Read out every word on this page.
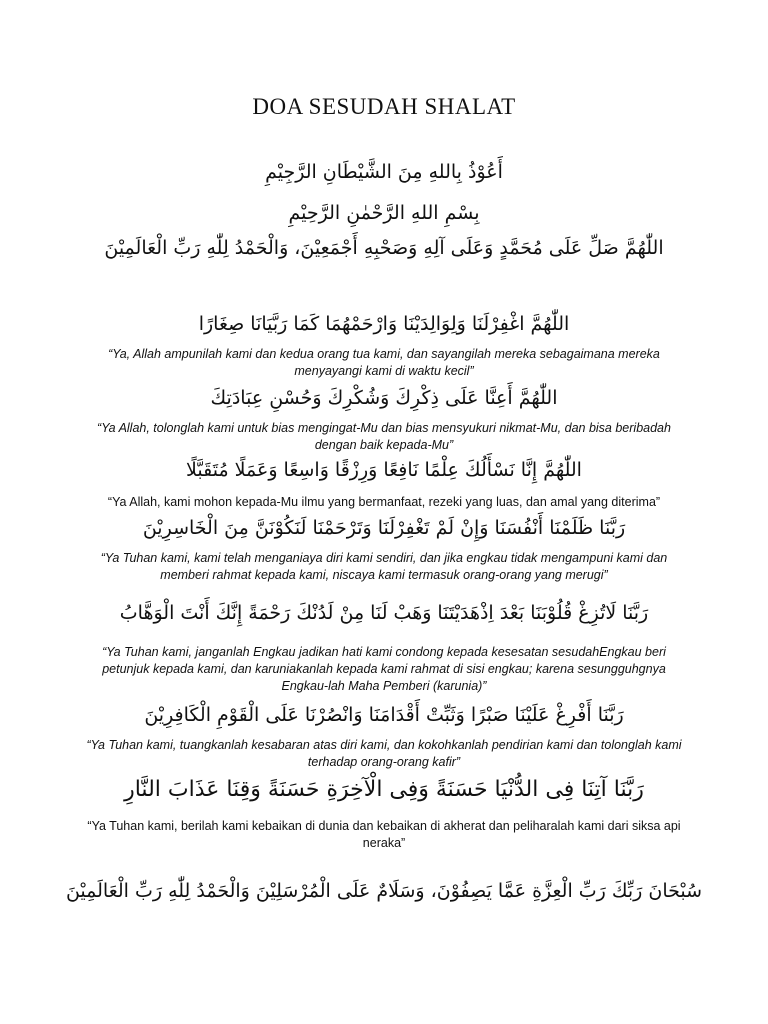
DOA SESUDAH SHALAT
أَعُوْذُ بِاللهِ مِنَ الشَّيْطَانِ الرَّجِيْمِ
بِسْمِ اللهِ الرَّحْمٰنِ الرَّحِيْمِ
اللّٰهُمَّ صَلِّ عَلَى مُحَمَّدٍ وَعَلَى آلِهِ وَصَحْبِهِ أَجْمَعِيْنَ، وَالْحَمْدُ لِلّٰهِ رَبِّ الْعَالَمِيْنَ
اللّٰهُمَّ اغْفِرْلَنَا وَلِوَالِدَيْنَا وَارْحَمْهُمَا كَمَا رَبَّيَانَا صِغَارًا
“Ya, Allah ampunilah kami dan kedua orang tua kami, dan sayangilah mereka sebagaimana mereka menyayangi kami di waktu kecil”
اللّٰهُمَّ أَعِنَّا عَلَى ذِكْرِكَ وَشُكْرِكَ وَحُسْنِ عِبَادَتِكَ
“Ya Allah, tolonglah kami untuk bias mengingat-Mu dan bias mensyukuri nikmat-Mu, dan bisa beribadah dengan baik kepada-Mu”
اللّٰهُمَّ إِنَّا نَسْأَلُكَ عِلْمًا نَافِعًا وَرِزْقًا وَاسِعًا وَعَمَلًا مُتَقَبَّلًا
“Ya Allah, kami mohon kepada-Mu ilmu yang bermanfaat, rezeki yang luas, dan amal yang diterima”
رَبَّنَا ظَلَمْنَا أَنْفُسَنَا وَإِنْ لَمْ تَغْفِرْلَنَا وَتَرْحَمْنَا لَنَكُوْنَنَّ مِنَ الْخَاسِرِيْنَ
“Ya Tuhan kami, kami telah menganiaya diri kami sendiri, dan jika engkau tidak mengampuni kami dan memberi rahmat kepada kami, niscaya kami termasuk orang-orang yang merugi”
رَبَّنَا لَاتُزِغْ قُلُوْبَنَا بَعْدَ اِذْهَدَيْتَنَا وَهَبْ لَنَا مِنْ لَدُنْكَ رَحْمَةً إِنَّكَ أَنْتَ الْوَهَّابُ
“Ya Tuhan kami, janganlah Engkau jadikan hati kami condong kepada kesesatan sesudahEngkau beri petunjuk kepada kami, dan karuniakanlah kepada kami rahmat di sisi engkau; karena sesungguhgnya Engkau-lah Maha Pemberi (karunia)”
رَبَّنَا أَفْرِغْ عَلَيْنَا صَبْرًا وَثَبِّتْ أَقْدَامَنَا وَانْصُرْنَا عَلَى الْقَوْمِ الْكَافِرِيْنَ
“Ya Tuhan kami, tuangkanlah kesabaran atas diri kami, dan kokohkanlah pendirian kami dan tolonglah kami terhadap orang-orang kafir”
رَبَّنَا آتِنَا فِى الدُّنْيَا حَسَنَةً وَفِى الْآخِرَةِ حَسَنَةً وَقِنَا عَذَابَ النَّارِ
“Ya Tuhan kami, berilah kami kebaikan di dunia dan kebaikan di akherat dan peliharalah kami dari siksa api neraka”
سُبْحَانَ رَبِّكَ رَبِّ الْعِزَّةِ عَمَّا يَصِفُوْنَ، وَسَلَامٌ عَلَى الْمُرْسَلِيْنَ وَالْحَمْدُ لِلّٰهِ رَبِّ الْعَالَمِيْنَ
